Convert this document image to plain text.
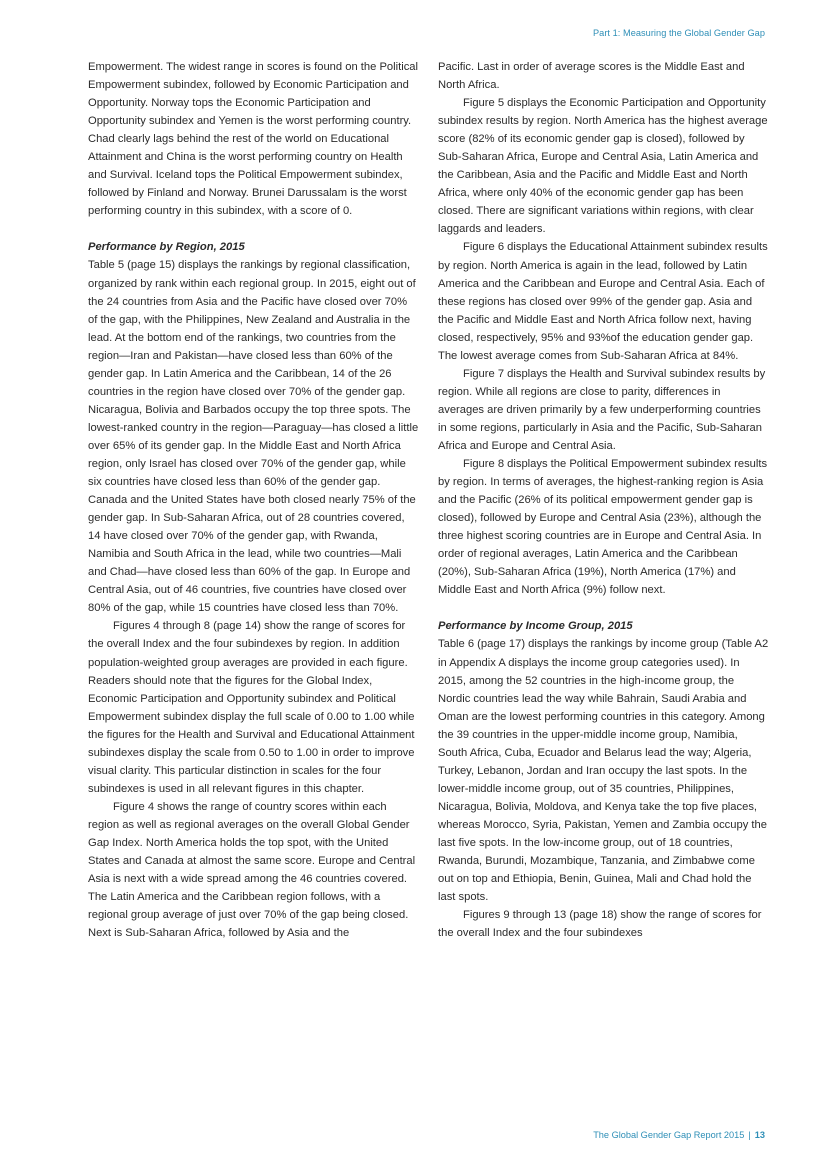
Part 1: Measuring the Global Gender Gap

Empowerment. The widest range in scores is found on the Political Empowerment subindex, followed by Economic Participation and Opportunity. Norway tops the Economic Participation and Opportunity subindex and Yemen is the worst performing country. Chad clearly lags behind the rest of the world on Educational Attainment and China is the worst performing country on Health and Survival. Iceland tops the Political Empowerment subindex, followed by Finland and Norway. Brunei Darussalam is the worst performing country in this subindex, with a score of 0.

Performance by Region, 2015

Table 5 (page 15) displays the rankings by regional classification, organized by rank within each regional group. In 2015, eight out of the 24 countries from Asia and the Pacific have closed over 70% of the gap, with the Philippines, New Zealand and Australia in the lead. At the bottom end of the rankings, two countries from the region—Iran and Pakistan—have closed less than 60% of the gender gap. In Latin America and the Caribbean, 14 of the 26 countries in the region have closed over 70% of the gender gap. Nicaragua, Bolivia and Barbados occupy the top three spots. The lowest-ranked country in the region—Paraguay—has closed a little over 65% of its gender gap. In the Middle East and North Africa region, only Israel has closed over 70% of the gender gap, while six countries have closed less than 60% of the gender gap. Canada and the United States have both closed nearly 75% of the gender gap. In Sub-Saharan Africa, out of 28 countries covered, 14 have closed over 70% of the gender gap, with Rwanda, Namibia and South Africa in the lead, while two countries—Mali and Chad—have closed less than 60% of the gap. In Europe and Central Asia, out of 46 countries, five countries have closed over 80% of the gap, while 15 countries have closed less than 70%.

Figures 4 through 8 (page 14) show the range of scores for the overall Index and the four subindexes by region. In addition population-weighted group averages are provided in each figure. Readers should note that the figures for the Global Index, Economic Participation and Opportunity subindex and Political Empowerment subindex display the full scale of 0.00 to 1.00 while the figures for the Health and Survival and Educational Attainment subindexes display the scale from 0.50 to 1.00 in order to improve visual clarity. This particular distinction in scales for the four subindexes is used in all relevant figures in this chapter.

Figure 4 shows the range of country scores within each region as well as regional averages on the overall Global Gender Gap Index. North America holds the top spot, with the United States and Canada at almost the same score. Europe and Central Asia is next with a wide spread among the 46 countries covered. The Latin America and the Caribbean region follows, with a regional group average of just over 70% of the gap being closed. Next is Sub-Saharan Africa, followed by Asia and the

Pacific. Last in order of average scores is the Middle East and North Africa.

Figure 5 displays the Economic Participation and Opportunity subindex results by region. North America has the highest average score (82% of its economic gender gap is closed), followed by Sub-Saharan Africa, Europe and Central Asia, Latin America and the Caribbean, Asia and the Pacific and Middle East and North Africa, where only 40% of the economic gender gap has been closed. There are significant variations within regions, with clear laggards and leaders.

Figure 6 displays the Educational Attainment subindex results by region. North America is again in the lead, followed by Latin America and the Caribbean and Europe and Central Asia. Each of these regions has closed over 99% of the gender gap. Asia and the Pacific and Middle East and North Africa follow next, having closed, respectively, 95% and 93%of the education gender gap. The lowest average comes from Sub-Saharan Africa at 84%.

Figure 7 displays the Health and Survival subindex results by region. While all regions are close to parity, differences in averages are driven primarily by a few underperforming countries in some regions, particularly in Asia and the Pacific, Sub-Saharan Africa and Europe and Central Asia.

Figure 8 displays the Political Empowerment subindex results by region. In terms of averages, the highest-ranking region is Asia and the Pacific (26% of its political empowerment gender gap is closed), followed by Europe and Central Asia (23%), although the three highest scoring countries are in Europe and Central Asia. In order of regional averages, Latin America and the Caribbean (20%), Sub-Saharan Africa (19%), North America (17%) and Middle East and North Africa (9%) follow next.

Performance by Income Group, 2015

Table 6 (page 17) displays the rankings by income group (Table A2 in Appendix A displays the income group categories used). In 2015, among the 52 countries in the high-income group, the Nordic countries lead the way while Bahrain, Saudi Arabia and Oman are the lowest performing countries in this category. Among the 39 countries in the upper-middle income group, Namibia, South Africa, Cuba, Ecuador and Belarus lead the way; Algeria, Turkey, Lebanon, Jordan and Iran occupy the last spots. In the lower-middle income group, out of 35 countries, Philippines, Nicaragua, Bolivia, Moldova, and Kenya take the top five places, whereas Morocco, Syria, Pakistan, Yemen and Zambia occupy the last five spots. In the low-income group, out of 18 countries, Rwanda, Burundi, Mozambique, Tanzania, and Zimbabwe come out on top and Ethiopia, Benin, Guinea, Mali and Chad hold the last spots.

Figures 9 through 13 (page 18) show the range of scores for the overall Index and the four subindexes

The Global Gender Gap Report 2015 | 13
